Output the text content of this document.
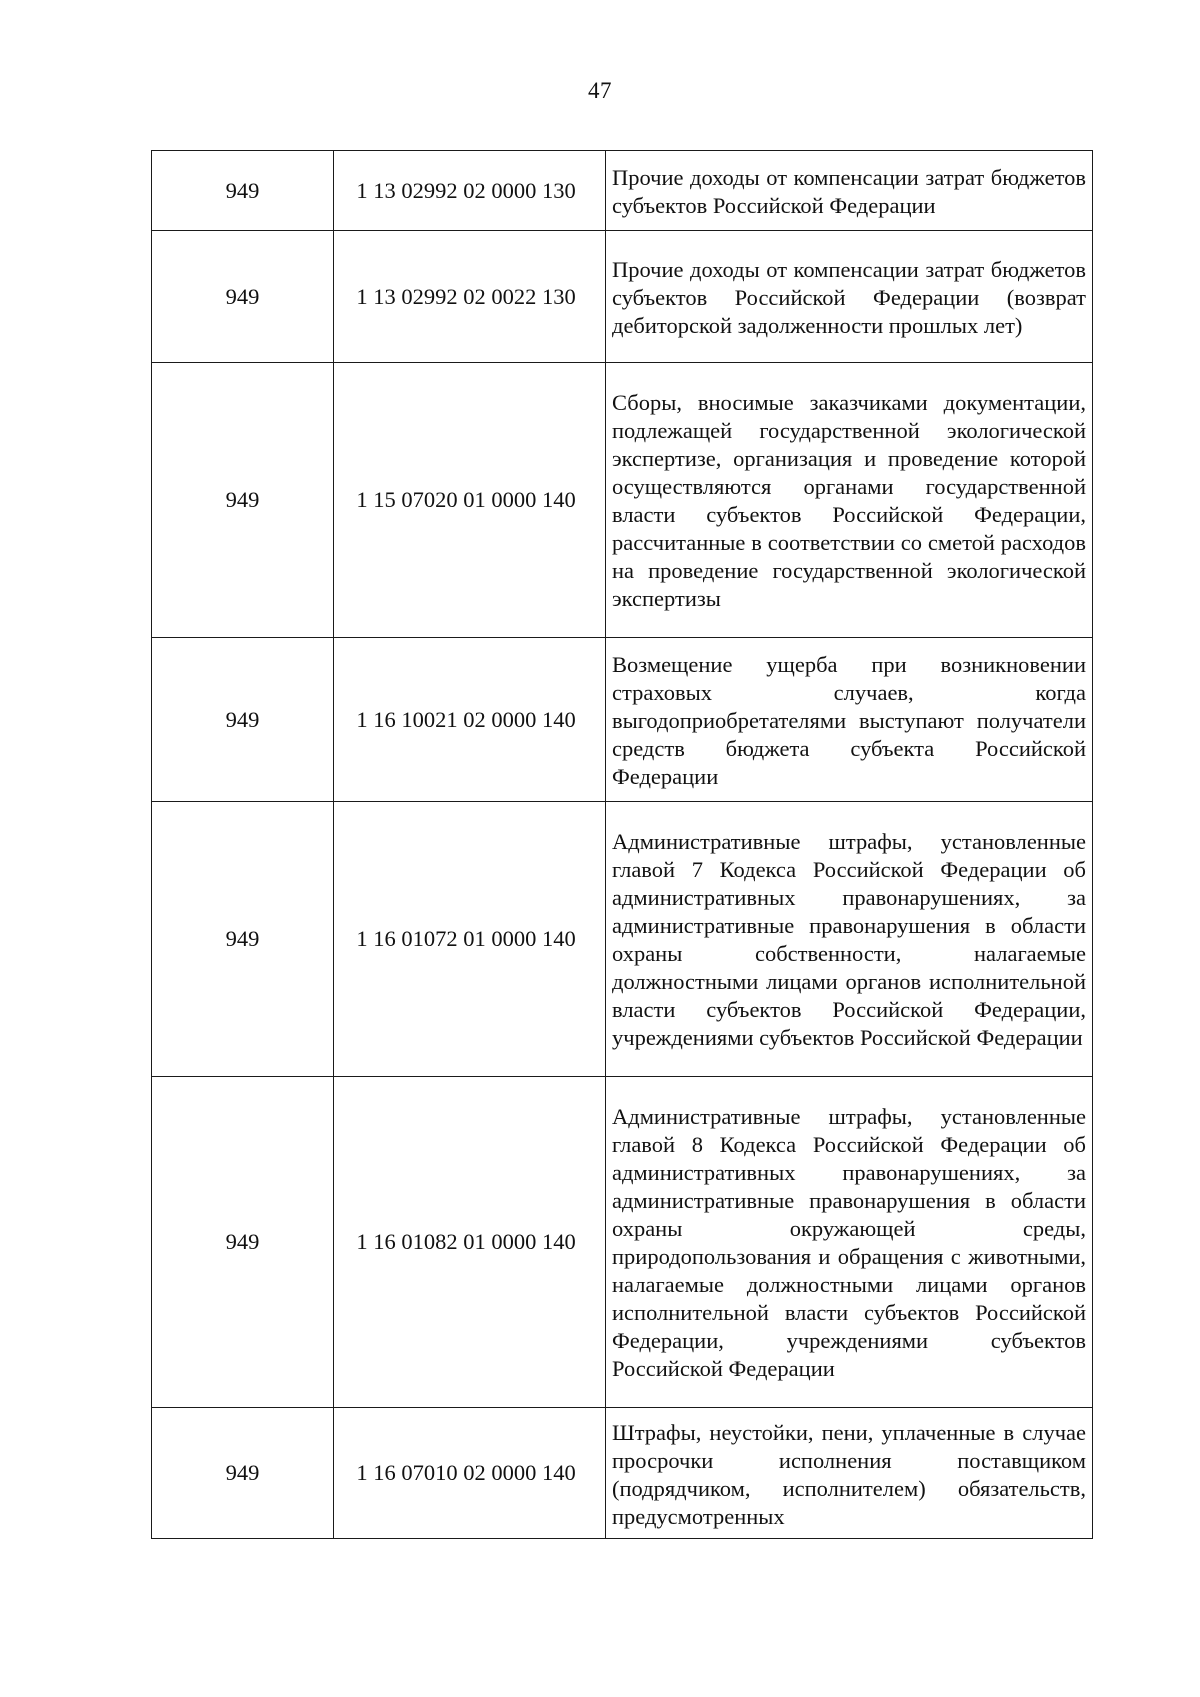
47
949	1 13 02992 02 0000 130	Прочие доходы от компенсации затрат бюджетов субъектов Российской Федерации

949	1 13 02992 02 0022 130	Прочие доходы от компенсации затрат бюджетов субъектов Российской Федерации (возврат дебиторской задолженности прошлых лет)

949	1 15 07020 01 0000 140	Сборы, вносимые заказчиками документации, подлежащей государственной экологической экспертизе, организация и проведение которой осуществляются органами государственной власти субъектов Российской Федерации, рассчитанные в соответствии со сметой расходов на проведение государственной экологической экспертизы

949	1 16 10021 02 0000 140	Возмещение ущерба при возникновении страховых случаев, когда выгодоприобретателями выступают получатели средств бюджета субъекта Российской Федерации

949	1 16 01072 01 0000 140	Административные штрафы, установленные главой 7 Кодекса Российской Федерации об административных правонарушениях, за административные правонарушения в области охраны собственности, налагаемые должностными лицами органов исполнительной власти субъектов Российской Федерации, учреждениями субъектов Российской Федерации

949	1 16 01082 01 0000 140	Административные штрафы, установленные главой 8 Кодекса Российской Федерации об административных правонарушениях, за административные правонарушения в области охраны окружающей среды, природопользования и обращения с животными, налагаемые должностными лицами органов исполнительной власти субъектов Российской Федерации, учреждениями субъектов Российской Федерации

949	1 16 07010 02 0000 140	Штрафы, неустойки, пени, уплаченные в случае просрочки исполнения поставщиком (подрядчиком, исполнителем) обязательств, предусмотренных
